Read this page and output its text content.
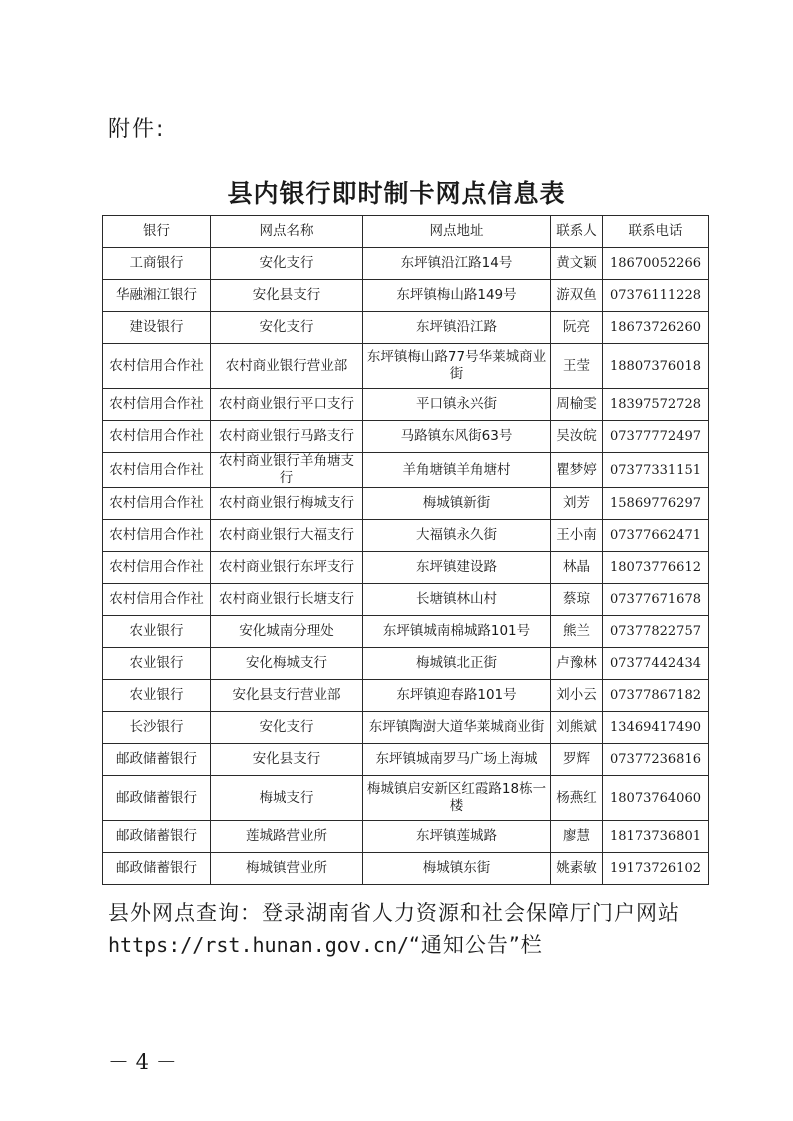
附件:
县内银行即时制卡网点信息表
银行	网点名称	网点地址	联系人	联系电话
工商银行	安化支行	东坪镇沿江路14号	黄文颖	18670052266
华融湘江银行	安化县支行	东坪镇梅山路149号	游双鱼	07376111228
建设银行	安化支行	东坪镇沿江路	阮亮	18673726260
农村信用合作社	农村商业银行营业部	东坪镇梅山路77号华莱城商业街	王莹	18807376018
农村信用合作社	农村商业银行平口支行	平口镇永兴街	周榆雯	18397572728
农村信用合作社	农村商业银行马路支行	马路镇东风街63号	吴汝皖	07377772497
农村信用合作社	农村商业银行羊角塘支行	羊角塘镇羊角塘村	瞿梦婷	07377331151
农村信用合作社	农村商业银行梅城支行	梅城镇新街	刘芳	15869776297
农村信用合作社	农村商业银行大福支行	大福镇永久街	王小南	07377662471
农村信用合作社	农村商业银行东坪支行	东坪镇建设路	林晶	18073776612
农村信用合作社	农村商业银行长塘支行	长塘镇林山村	蔡琼	07377671678
农业银行	安化城南分理处	东坪镇城南棉城路101号	熊兰	07377822757
农业银行	安化梅城支行	梅城镇北正街	卢豫林	07377442434
农业银行	安化县支行营业部	东坪镇迎春路101号	刘小云	07377867182
长沙银行	安化支行	东坪镇陶澍大道华莱城商业街	刘熊斌	13469417490
邮政储蓄银行	安化县支行	东坪镇城南罗马广场上海城	罗辉	07377236816
邮政储蓄银行	梅城支行	梅城镇启安新区红霞路18栋一楼	杨燕红	18073764060
邮政储蓄银行	莲城路营业所	东坪镇莲城路	廖慧	18173736801
邮政储蓄银行	梅城镇营业所	梅城镇东街	姚素敏	19173726102
县外网点查询：登录湖南省人力资源和社会保障厅门户网站
https://rst.hunan.gov.cn/“通知公告”栏
－ 4 －
